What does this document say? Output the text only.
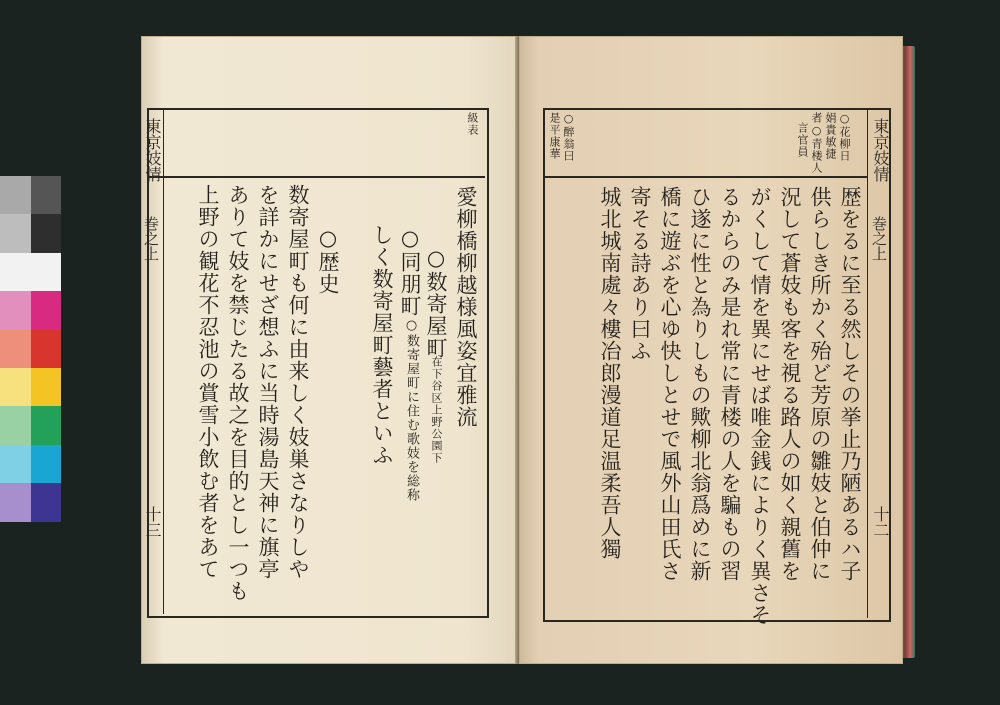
東京妓情
巻之上
十三
級表
愛柳橋柳越様風姿宜雅流
○数寄屋町
在下谷区上野公園下
○同朋町
○数寄屋町に住む歌妓を総称
しく数寄屋町藝者といふ
○歴史
数寄屋町も何に由来しく妓巣さなりしや
を詳かにせざ想ふに当時湯島天神に旗亭
ありて妓を禁じたる故之を目的とし一つも
上野の観花不忍池の賞雪小飲む者をあて
東京妓情
巻之上
十二
○花柳日
娟貴敏捷
者○青楼人
言官員
○醉翁曰
是平康華
歴をるに至る然しその挙止乃陋あるハ子
供らしき所かく殆ど芳原の雛妓と伯仲に
況して蒼妓も客を視る路人の如く親舊を
がくして情を異にせば唯金銭によりく異さそ
るからのみ是れ常に青楼の人を騙もの習
ひ遂に性と為りしもの歟柳北翁爲めに新
橋に遊ぶを心ゆ快しとせで風外山田氏さ
寄そる詩あり曰ふ
城北城南處々樓冶郎漫道足温柔吾人獨
